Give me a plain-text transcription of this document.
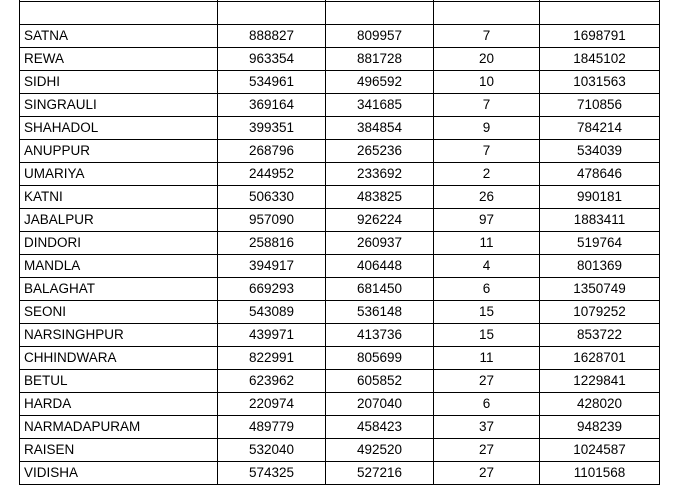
SATNA	888827	809957	7	1698791
REWA	963354	881728	20	1845102
SIDHI	534961	496592	10	1031563
SINGRAULI	369164	341685	7	710856
SHAHADOL	399351	384854	9	784214
ANUPPUR	268796	265236	7	534039
UMARIYA	244952	233692	2	478646
KATNI	506330	483825	26	990181
JABALPUR	957090	926224	97	1883411
DINDORI	258816	260937	11	519764
MANDLA	394917	406448	4	801369
BALAGHAT	669293	681450	6	1350749
SEONI	543089	536148	15	1079252
NARSINGHPUR	439971	413736	15	853722
CHHINDWARA	822991	805699	11	1628701
BETUL	623962	605852	27	1229841
HARDA	220974	207040	6	428020
NARMADAPURAM	489779	458423	37	948239
RAISEN	532040	492520	27	1024587
VIDISHA	574325	527216	27	1101568
